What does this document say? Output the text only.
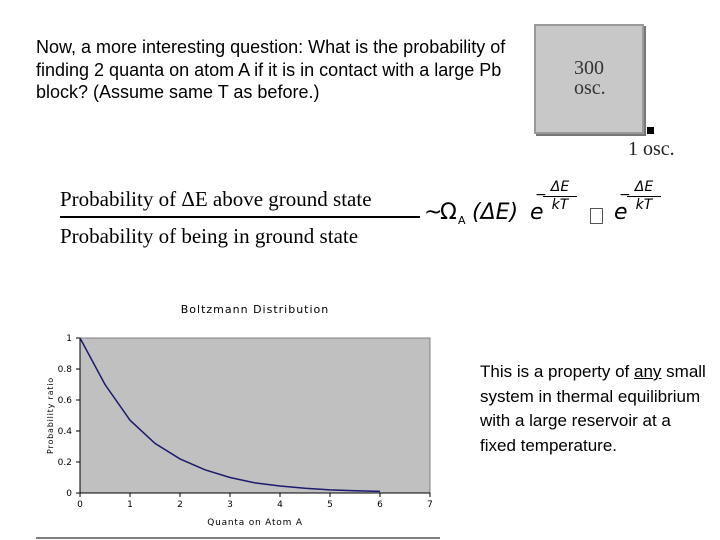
Now, a more interesting question: What is the probability of finding 2 quanta on atom A if it is in contact with a large Pb block? (Assume same T as before.)
300
osc.
1 osc.
Probability of ΔE above ground state
Probability of being in ground state
~
Ω A (ΔE) e
− ΔE
kT	e
− ΔE
kT
Boltzmann Distribution
Quanta on Atom A
Probability ratio
0	1	2	3	4	5	6	7
0
0.2
0.4
0.6
0.8
1
This is a property of any small system in thermal equilibrium with a large reservoir at a fixed temperature.
